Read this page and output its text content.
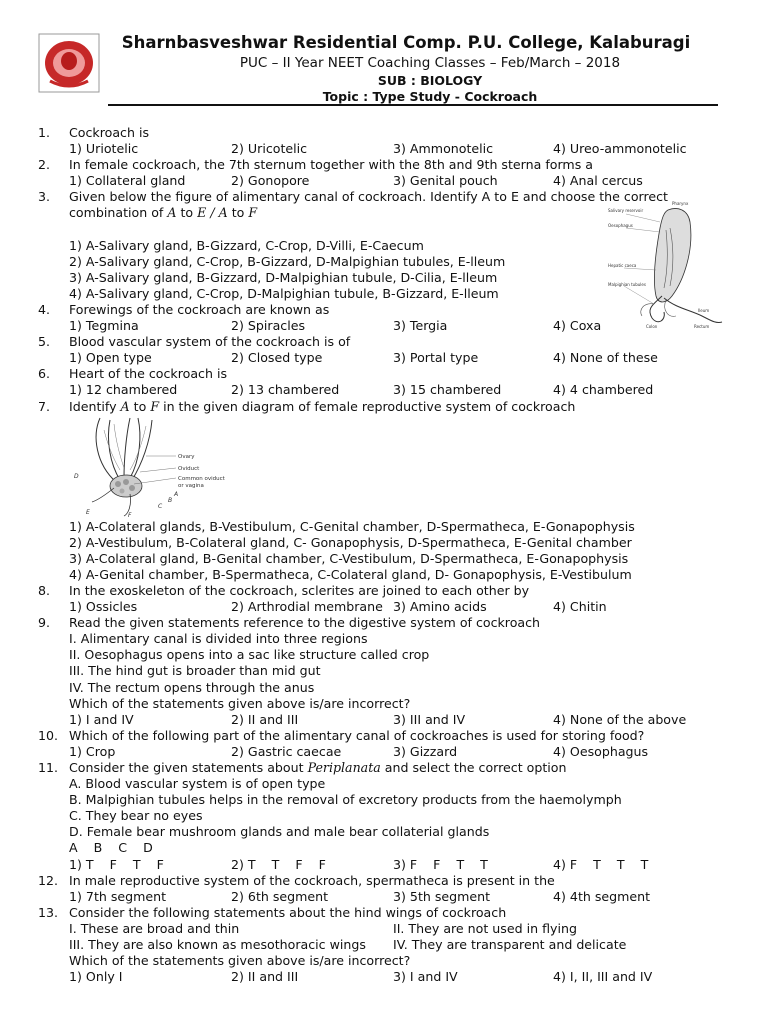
Sharnbasveshwar Residential Comp. P.U. College, Kalaburagi
PUC – II Year NEET Coaching Classes – Feb/March – 2018
SUB : BIOLOGY
Topic : Type Study - Cockroach
Salivary reservoir
Oesophagus
Hepatic caeca
Malpighian tubules
Pharynx
Ileum
Colon	Rectum
Ovary
Oviduct
Common oviduct
or vagina
A
B
C
D
E	F
1. Cockroach is
1) Uriotelic	2) Uricotelic	3) Ammonotelic	4) Ureo-ammonotelic
2. In female cockroach, the 7th sternum together with the 8th and 9th sterna forms a
1) Collateral gland	2) Gonopore	3) Genital pouch	4) Anal cercus
3. Given below the figure of alimentary canal of cockroach. Identify A to E and choose the correct
combination of A to E / A to F
1) A-Salivary gland, B-Gizzard, C-Crop, D-Villi, E-Caecum
2) A-Salivary gland, C-Crop, B-Gizzard, D-Malpighian tubules, E-lleum
3) A-Salivary gland, B-Gizzard, D-Malpighian tubule, D-Cilia, E-lleum
4) A-Salivary gland, C-Crop, D-Malpighian tubule, B-Gizzard, E-lleum
4. Forewings of the cockroach are known as
1) Tegmina	2) Spiracles	3) Tergia	4) Coxa
5. Blood vascular system of the cockroach is of
1) Open type	2) Closed type	3) Portal type	4) None of these
6. Heart of the cockroach is
1) 12 chambered	2) 13 chambered	3) 15 chambered	4) 4 chambered
7. Identify A to F in the given diagram of female reproductive system of cockroach
1) A-Colateral glands, B-Vestibulum, C-Genital chamber, D-Spermatheca, E-Gonapophysis
2) A-Vestibulum, B-Colateral gland, C- Gonapophysis, D-Spermatheca, E-Genital chamber
3) A-Colateral gland, B-Genital chamber, C-Vestibulum, D-Spermatheca, E-Gonapophysis
4) A-Genital chamber, B-Spermatheca, C-Colateral gland, D- Gonapophysis, E-Vestibulum
8. In the exoskeleton of the cockroach, sclerites are joined to each other by
1) Ossicles	2) Arthrodial membrane 3) Amino acids	4) Chitin
9. Read the given statements reference to the digestive system of cockroach
I. Alimentary canal is divided into three regions
II. Oesophagus opens into a sac like structure called crop
III. The hind gut is broader than mid gut
IV. The rectum opens through the anus
Which of the statements given above is/are incorrect?
1) I and IV	2) II and III	3) III and IV	4) None of the above
10. Which of the following part of the alimentary canal of cockroaches is used for storing food?
1) Crop	2) Gastric caecae	3) Gizzard	4) Oesophagus
11. Consider the given statements about Periplanata and select the correct option
A. Blood vascular system is of open type
B. Malpighian tubules helps in the removal of excretory products from the haemolymph
C. They bear no eyes
D. Female bear mushroom glands and male bear collaterial glands
A    B    C    D
1) T    F    T    F	2) T    T    F    F	3) F    F    T    T	4) F    T    T    T
12. In male reproductive system of the cockroach, spermatheca is present in the
1) 7th segment	2) 6th segment	3) 5th segment	4) 4th segment
13. Consider the following statements about the hind wings of cockroach
I. These are broad and thin	II. They are not used in flying
III. They are also known as mesothoracic wings IV. They are transparent and delicate
Which of the statements given above is/are incorrect?
1) Only I	2) II and III	3) I and IV	4) I, II, III and IV
